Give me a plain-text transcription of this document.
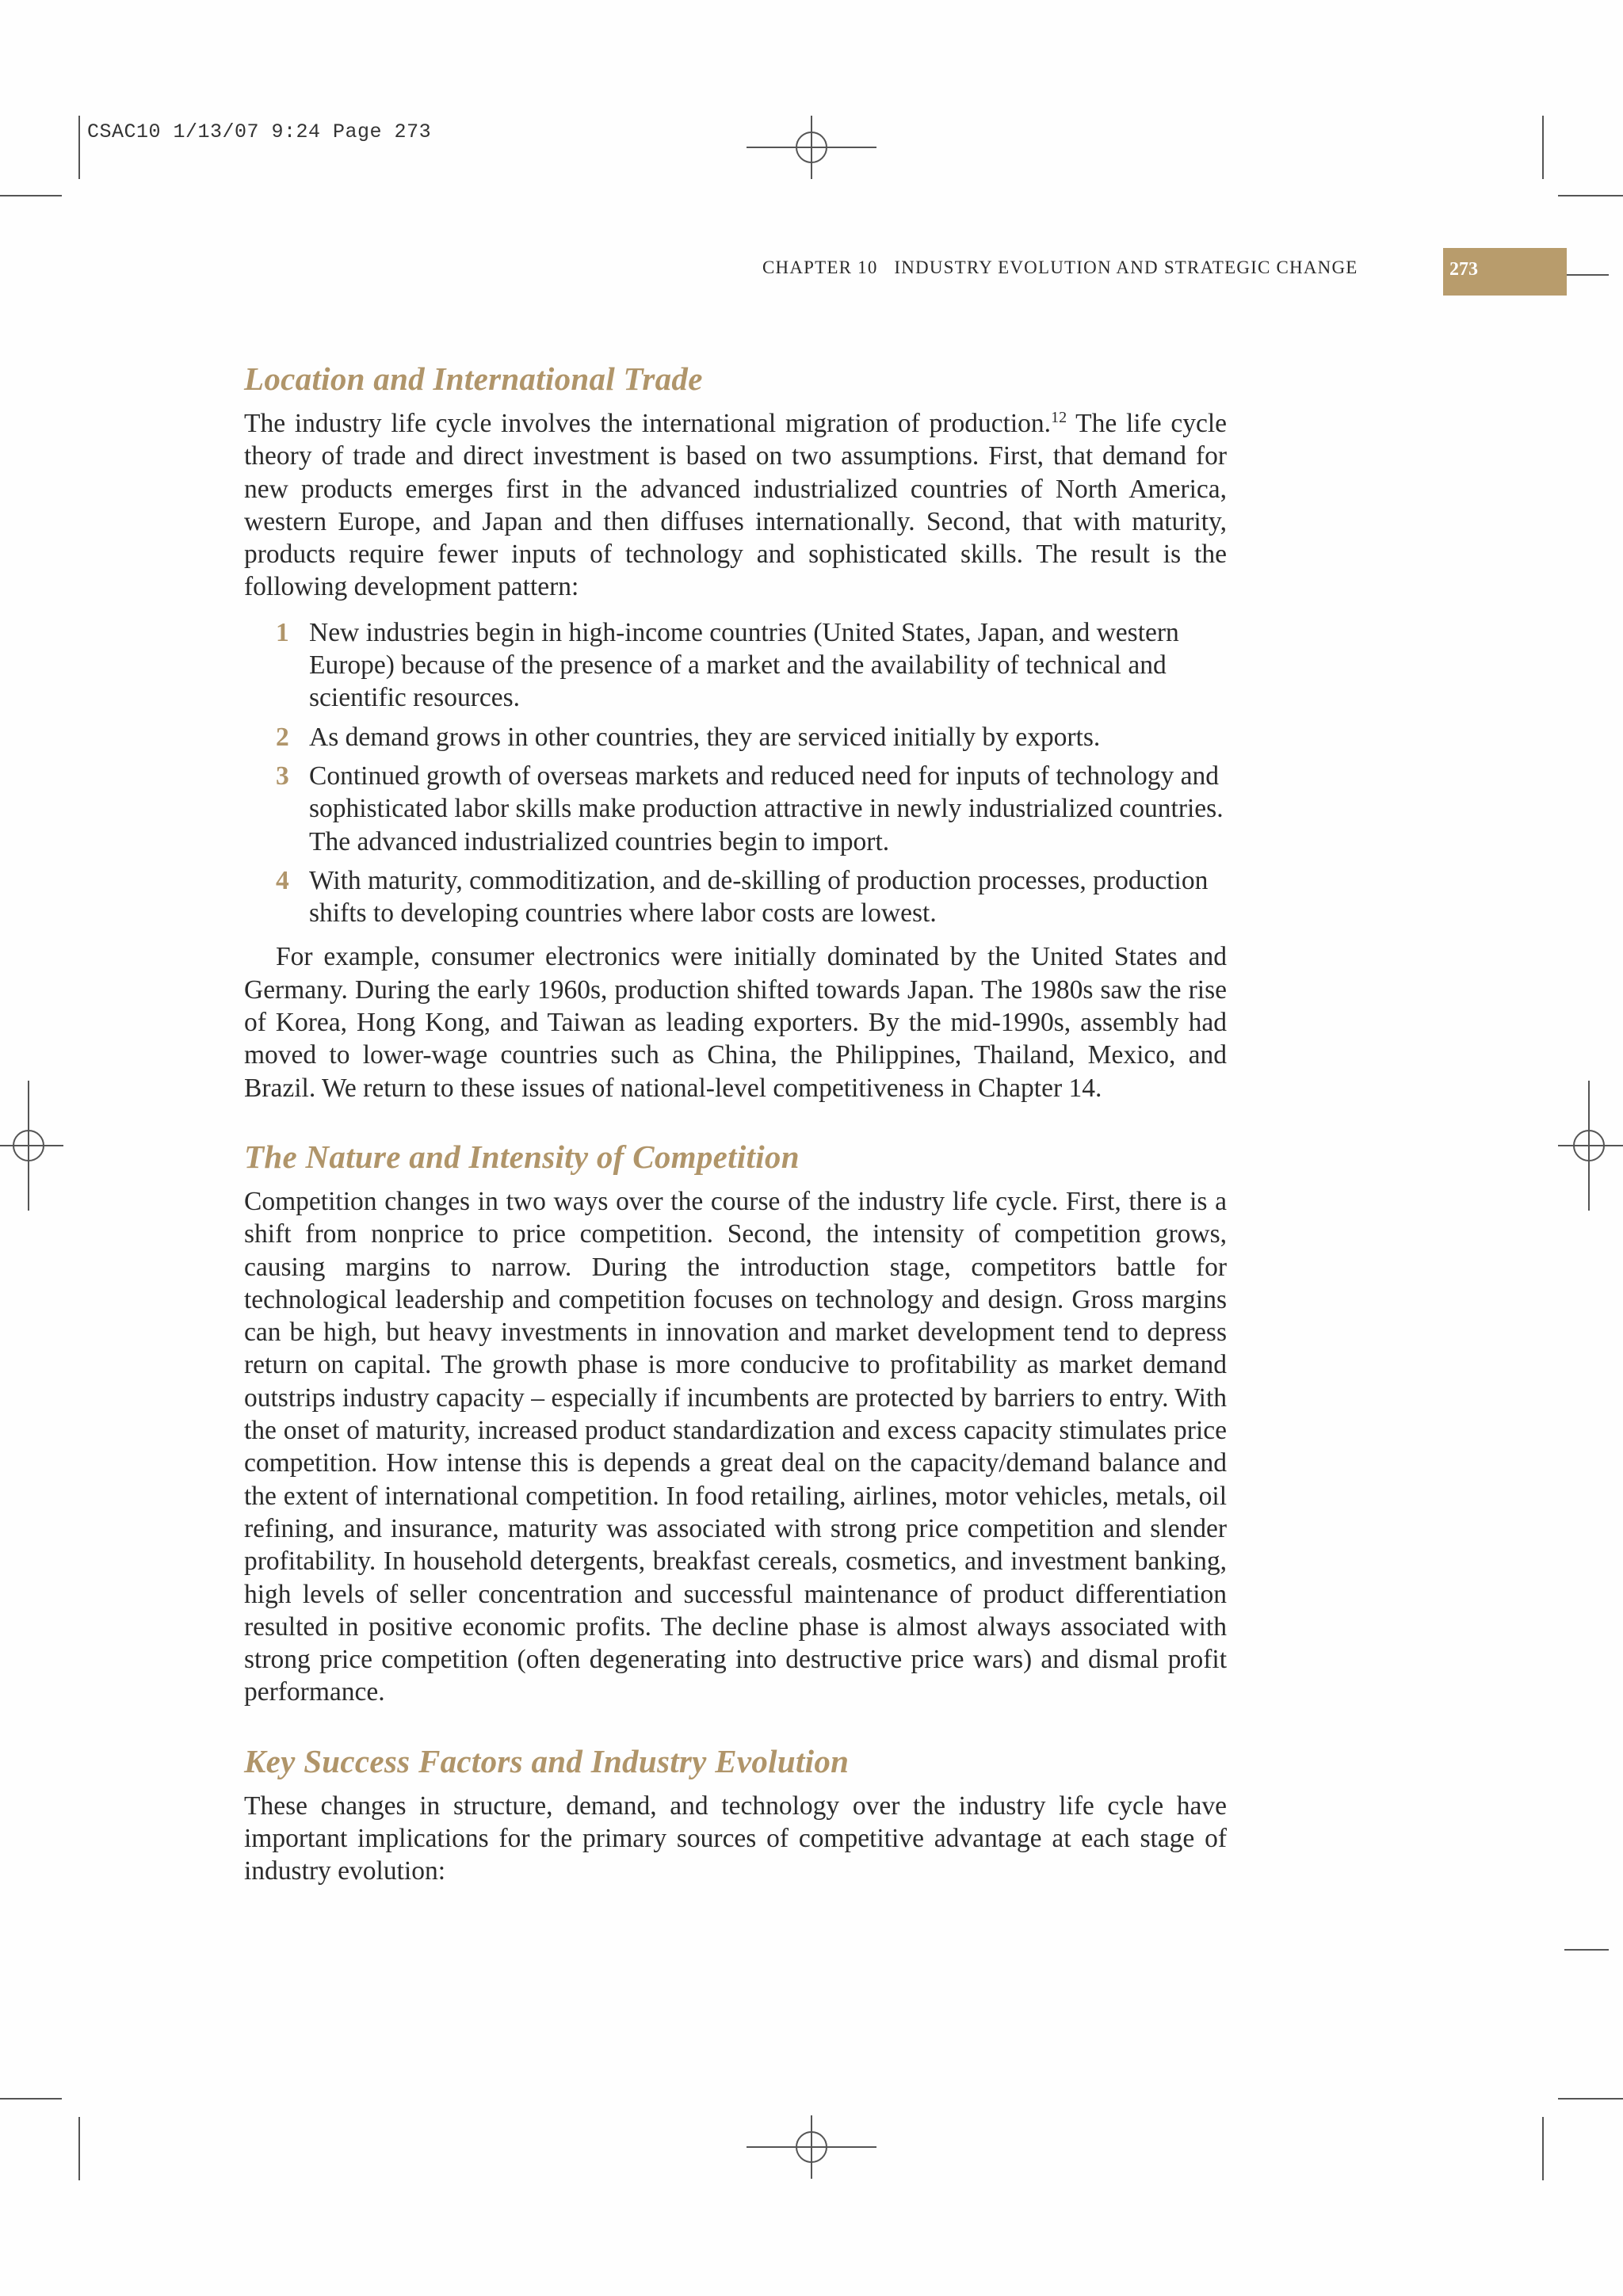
CSAC10 1/13/07 9:24 Page 273
CHAPTER 10   INDUSTRY EVOLUTION AND STRATEGIC CHANGE	273
Location and International Trade

The industry life cycle involves the international migration of production.$^{12}$ The life cycle theory of trade and direct investment is based on two assumptions. First, that demand for new products emerges first in the advanced industrialized countries of North America, western Europe, and Japan and then diffuses internationally. Second, that with maturity, products require fewer inputs of technology and sophisticated skills. The result is the following development pattern:

1 New industries begin in high-income countries (United States, Japan, and western Europe) because of the presence of a market and the availability of technical and scientific resources.
2 As demand grows in other countries, they are serviced initially by exports.
3 Continued growth of overseas markets and reduced need for inputs of technology and sophisticated labor skills make production attractive in newly industrialized countries. The advanced industrialized countries begin to import.
4 With maturity, commoditization, and de-skilling of production processes, production shifts to developing countries where labor costs are lowest.

For example, consumer electronics were initially dominated by the United States and Germany. During the early 1960s, production shifted towards Japan. The 1980s saw the rise of Korea, Hong Kong, and Taiwan as leading exporters. By the mid-1990s, assembly had moved to lower-wage countries such as China, the Philippines, Thailand, Mexico, and Brazil. We return to these issues of national-level competitiveness in Chapter 14.

The Nature and Intensity of Competition

Competition changes in two ways over the course of the industry life cycle. First, there is a shift from nonprice to price competition. Second, the intensity of competition grows, causing margins to narrow. During the introduction stage, competitors battle for technological leadership and competition focuses on technology and design. Gross margins can be high, but heavy investments in innovation and market development tend to depress return on capital. The growth phase is more conducive to profitability as market demand outstrips industry capacity – especially if incumbents are protected by barriers to entry. With the onset of maturity, increased product standardization and excess capacity stimulates price competition. How intense this is depends a great deal on the capacity/demand balance and the extent of international competition. In food retailing, airlines, motor vehicles, metals, oil refining, and insurance, maturity was associated with strong price competition and slender profitability. In household detergents, breakfast cereals, cosmetics, and investment banking, high levels of seller concentration and successful maintenance of product differentiation resulted in positive economic profits. The decline phase is almost always associated with strong price competition (often degenerating into destructive price wars) and dismal profit performance.

Key Success Factors and Industry Evolution

These changes in structure, demand, and technology over the industry life cycle have important implications for the primary sources of competitive advantage at each stage of industry evolution:
